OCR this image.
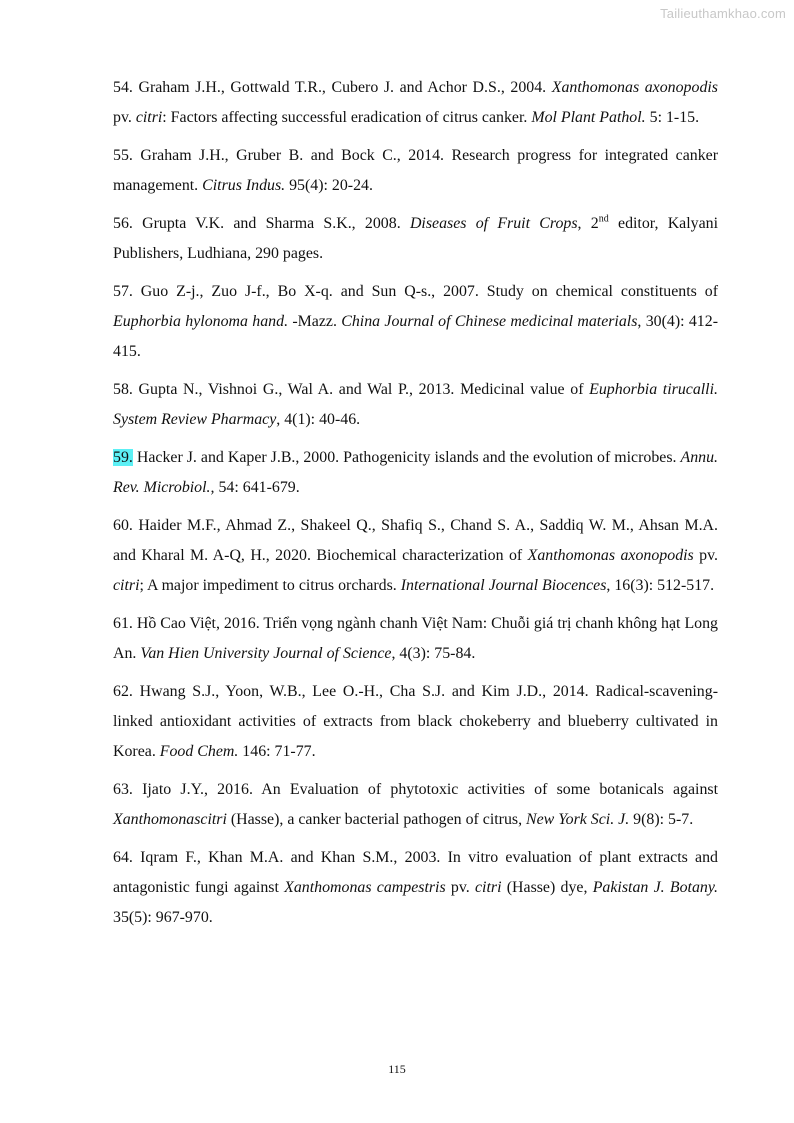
Tailieuthamkhao.com
54. Graham J.H., Gottwald T.R., Cubero J. and Achor D.S., 2004. Xanthomonas axonopodis pv. citri: Factors affecting successful eradication of citrus canker. Mol Plant Pathol. 5: 1-15.
55. Graham J.H., Gruber B. and Bock C., 2014. Research progress for integrated canker management. Citrus Indus. 95(4): 20-24.
56. Grupta V.K. and Sharma S.K., 2008. Diseases of Fruit Crops, 2nd editor, Kalyani Publishers, Ludhiana, 290 pages.
57. Guo Z-j., Zuo J-f., Bo X-q. and Sun Q-s., 2007. Study on chemical constituents of Euphorbia hylonoma hand. -Mazz. China Journal of Chinese medicinal materials, 30(4): 412-415.
58. Gupta N., Vishnoi G., Wal A. and Wal P., 2013. Medicinal value of Euphorbia tirucalli. System Review Pharmacy, 4(1): 40-46.
59. Hacker J. and Kaper J.B., 2000. Pathogenicity islands and the evolution of microbes. Annu. Rev. Microbiol., 54: 641-679.
60. Haider M.F., Ahmad Z., Shakeel Q., Shafiq S., Chand S. A., Saddiq W. M., Ahsan M.A. and Kharal M. A-Q, H., 2020. Biochemical characterization of Xanthomonas axonopodis pv. citri; A major impediment to citrus orchards. International Journal Biocences, 16(3): 512-517.
61. Hồ Cao Việt, 2016. Triển vọng ngành chanh Việt Nam: Chuỗi giá trị chanh không hạt Long An. Van Hien University Journal of Science, 4(3): 75-84.
62. Hwang S.J., Yoon, W.B., Lee O.-H., Cha S.J. and Kim J.D., 2014. Radical-scavening-linked antioxidant activities of extracts from black chokeberry and blueberry cultivated in Korea. Food Chem. 146: 71-77.
63. Ijato J.Y., 2016. An Evaluation of phytotoxic activities of some botanicals against Xanthomonascitri (Hasse), a canker bacterial pathogen of citrus, New York Sci. J. 9(8): 5-7.
64. Iqram F., Khan M.A. and Khan S.M., 2003. In vitro evaluation of plant extracts and antagonistic fungi against Xanthomonas campestris pv. citri (Hasse) dye, Pakistan J. Botany. 35(5): 967-970.
115
